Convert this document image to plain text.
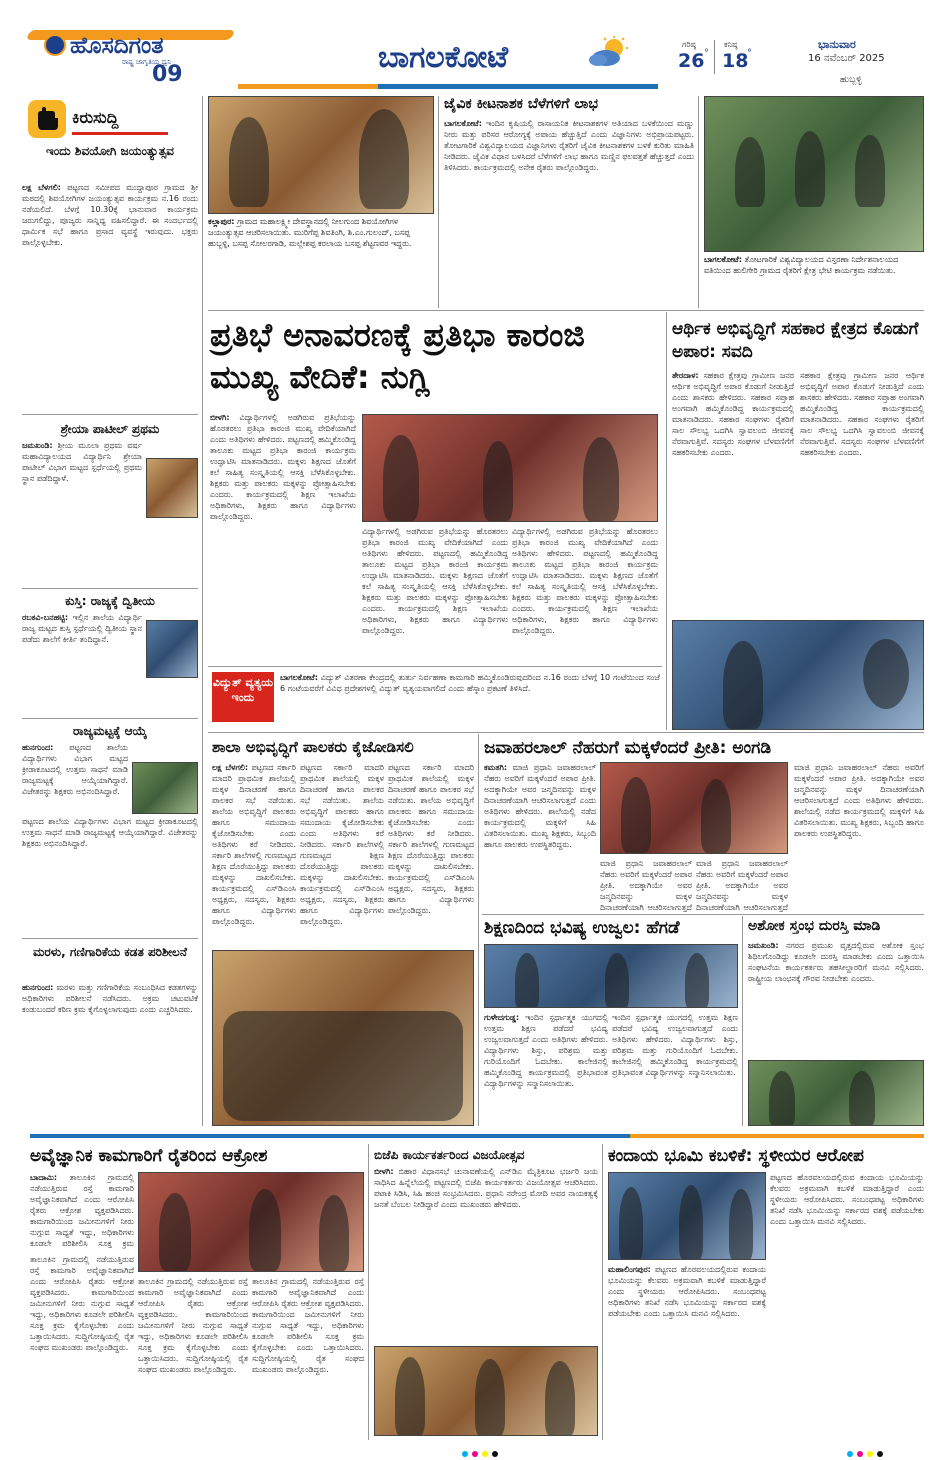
ಹೊಸದಿಗಂತ
ರಾಷ್ಟ್ರ ಜಾಗೃತಿಯ ಧ್ವನಿ
09	ಬಾಗಲಕೋಟೆ	ಗರಿಷ್ಠ
26 °
ಕನಿಷ್ಠ
18
°
ಭಾನುವಾರ
16 ನವೆಂಬರ್ 2025
ಹುಬ್ಬಳ್ಳಿ
ಕಿರುಸುದ್ದಿ
ಇಂದು ಶಿವಯೋಗಿ ಜಯಂತ್ಯುತ್ಸವ
ಲಕ್ಷ ಬೆಳಗಲಿ: ಪಟ್ಟಣದ ಸಮೀಪದ ಮುದ್ದಾಪೂರ ಗ್ರಾಮದ ಶ್ರೀ ಮಠದಲ್ಲಿ ಶಿವಯೋಗಿಗಳ ಜಯಂತ್ಯುತ್ಸವ ಕಾರ್ಯಕ್ರಮ ನ.16 ರಂದು ನಡೆಯಲಿದೆ. ಬೆಳಗ್ಗೆ 10.30ಕ್ಕೆ ಭಾನುವಾರ ಕಾರ್ಯಕ್ರಮ ಜರುಗಲಿದ್ದು, ಪೂಜ್ಯರು ಸಾನ್ನಿಧ್ಯ ವಹಿಸಲಿದ್ದಾರೆ. ಈ ಸಂದರ್ಭದಲ್ಲಿ ಧಾರ್ಮಿಕ ಸಭೆ ಹಾಗೂ ಪ್ರಸಾದ ವ್ಯವಸ್ಥೆ ಇರುವುದು. ಭಕ್ತರು ಪಾಲ್ಗೊಳ್ಳಬೇಕು.
ಶ್ರೇಯಾ ಪಾಟೀಲ್ ಪ್ರಥಮ
ಜಮಖಂಡಿ: ಶ್ರೀಯ ಮೂಲಾ ಪ್ರಥಮ ವರ್ಷ ಮಹಾವಿದ್ಯಾಲಯದ ವಿದ್ಯಾರ್ಥಿನಿ ಶ್ರೇಯಾ ಪಾಟೀಲ್ ವಿಭಾಗ ಮಟ್ಟದ ಸ್ಪರ್ಧೆಯಲ್ಲಿ ಪ್ರಥಮ ಸ್ಥಾನ ಪಡೆದಿದ್ದಾಳೆ.
ಕುಸ್ತಿ: ರಾಜ್ಯಕ್ಕೆ ದ್ವಿತೀಯ
ರಬಕವಿ-ಬನಹಟ್ಟಿ: ಇಲ್ಲಿನ ಶಾಲೆಯ ವಿದ್ಯಾರ್ಥಿ ರಾಜ್ಯ ಮಟ್ಟದ ಕುಸ್ತಿ ಸ್ಪರ್ಧೆಯಲ್ಲಿ ದ್ವಿತೀಯ ಸ್ಥಾನ ಪಡೆದು ಶಾಲೆಗೆ ಕೀರ್ತಿ ತಂದಿದ್ದಾನೆ.
ರಾಜ್ಯಮಟ್ಟಕ್ಕೆ ಆಯ್ಕೆ
ಹುನಗುಂದ: ಪಟ್ಟಣದ ಶಾಲೆಯ ವಿದ್ಯಾರ್ಥಿಗಳು ವಿಭಾಗ ಮಟ್ಟದ ಕ್ರೀಡಾಕೂಟದಲ್ಲಿ ಉತ್ತಮ ಸಾಧನೆ ಮಾಡಿ ರಾಜ್ಯಮಟ್ಟಕ್ಕೆ ಆಯ್ಕೆಯಾಗಿದ್ದಾರೆ. ವಿಜೇತರನ್ನು ಶಿಕ್ಷಕರು ಅಭಿನಂದಿಸಿದ್ದಾರೆ.
ಪಟ್ಟಣದ ಶಾಲೆಯ ವಿದ್ಯಾರ್ಥಿಗಳು ವಿಭಾಗ ಮಟ್ಟದ ಕ್ರೀಡಾಕೂಟದಲ್ಲಿ ಉತ್ತಮ ಸಾಧನೆ ಮಾಡಿ ರಾಜ್ಯಮಟ್ಟಕ್ಕೆ ಆಯ್ಕೆಯಾಗಿದ್ದಾರೆ. ವಿಜೇತರನ್ನು ಶಿಕ್ಷಕರು ಅಭಿನಂದಿಸಿದ್ದಾರೆ.
ಮರಳು, ಗಣಿಗಾರಿಕೆಯ ಕಡತ ಪರಿಶೀಲನೆ
ಹುನಗುಂದ: ಮರಳು ಮತ್ತು ಗಣಿಗಾರಿಕೆಯ ಸಂಬಂಧಿಸಿದ ಕಡತಗಳನ್ನು ಅಧಿಕಾರಿಗಳು ಪರಿಶೀಲನೆ ನಡೆಸಿದರು. ಅಕ್ರಮ ಚಟುವಟಿಕೆ ಕಂಡುಬಂದರೆ ಕಠಿಣ ಕ್ರಮ ಕೈಗೊಳ್ಳಲಾಗುವುದು ಎಂದು ಎಚ್ಚರಿಸಿದರು.
ಕಲ್ಲಾಪುರ: ಗ್ರಾಮದ ಮಹಾಲಕ್ಷ್ಮೀ ದೇವಸ್ಥಾನದಲ್ಲಿ ನೀಲಗುಂದ ಶಿವಯೋಗಿಗಳ ಜಯಂತ್ಯುತ್ಸವ ಆಚರಿಸಲಾಯಿತು. ಮುರಿಗೆಪ್ಪ ಶಿವತಿಂಗಿ, ಶಿ.ಎಂ.ಗುಲಂದ್, ಬಸಪ್ಪ ಹುಬ್ಬಳ್ಳಿ, ಬಸಪ್ಪ ಸೋಲರಗಾಡಿ, ಮಲ್ಲೇಶಪ್ಪ ಕರಲಾಯ ಬಸಪ್ಪ ಶೆಟ್ಟಣವರ ಇದ್ದರು.
ಜೈವಿಕ ಕೀಟನಾಶಕ ಬೆಳೆಗಳಿಗೆ ಲಾಭ
ಬಾಗಲಕೋಟೆ: ಇಂದಿನ ಕೃಷಿಯಲ್ಲಿ ರಾಸಾಯನಿಕ ಕೀಟನಾಶಕಗಳ ಅತಿಯಾದ ಬಳಕೆಯಿಂದ ಮಣ್ಣು ನೀರು ಮತ್ತು ಪರಿಸರ ಆರೋಗ್ಯಕ್ಕೆ ಅಪಾಯ ಹೆಚ್ಚುತ್ತಿದೆ ಎಂದು ವಿಜ್ಞಾನಿಗಳು ಅಭಿಪ್ರಾಯಪಟ್ಟರು. ತೋಟಗಾರಿಕೆ ವಿಶ್ವವಿದ್ಯಾಲಯದ ವಿಜ್ಞಾನಿಗಳು ರೈತರಿಗೆ ಜೈವಿಕ ಕೀಟನಾಶಕಗಳ ಬಳಕೆ ಕುರಿತು ಮಾಹಿತಿ ನೀಡಿದರು. ಜೈವಿಕ ವಿಧಾನ ಬಳಸಿದರೆ ಬೆಳೆಗಳಿಗೆ ಲಾಭ ಹಾಗೂ ಮಣ್ಣಿನ ಫಲವತ್ತತೆ ಹೆಚ್ಚುತ್ತದೆ ಎಂದು ತಿಳಿಸಿದರು. ಕಾರ್ಯಕ್ರಮದಲ್ಲಿ ಅನೇಕ ರೈತರು ಪಾಲ್ಗೊಂಡಿದ್ದರು.
ಬಾಗಲಕೋಟೆ: ತೋಟಗಾರಿಕೆ ವಿಶ್ವವಿದ್ಯಾಲಯದ ವಿಸ್ತರಣಾ ನಿರ್ದೇಶನಾಲಯದ ವತಿಯಿಂದ ಹುಲಿಗೇರಿ ಗ್ರಾಮದ ರೈತರಿಗೆ ಕ್ಷೇತ್ರ ಭೇಟಿ ಕಾರ್ಯಕ್ರಮ ನಡೆಯಿತು.
ಪ್ರತಿಭೆ ಅನಾವರಣಕ್ಕೆ ಪ್ರತಿಭಾ ಕಾರಂಜಿ ಮುಖ್ಯ ವೇದಿಕೆ: ನುಗ್ಲಿ
ಬೀಳಗಿ: ವಿದ್ಯಾರ್ಥಿಗಳಲ್ಲಿ ಅಡಗಿರುವ ಪ್ರತಿಭೆಯನ್ನು ಹೊರತರಲು ಪ್ರತಿಭಾ ಕಾರಂಜಿ ಮುಖ್ಯ ವೇದಿಕೆಯಾಗಿದೆ ಎಂದು ಅತಿಥಿಗಳು ಹೇಳಿದರು. ಪಟ್ಟಣದಲ್ಲಿ ಹಮ್ಮಿಕೊಂಡಿದ್ದ ತಾಲೂಕು ಮಟ್ಟದ ಪ್ರತಿಭಾ ಕಾರಂಜಿ ಕಾರ್ಯಕ್ರಮ ಉದ್ಘಾಟಿಸಿ ಮಾತನಾಡಿದರು. ಮಕ್ಕಳು ಶಿಕ್ಷಣದ ಜೊತೆಗೆ ಕಲೆ ಸಾಹಿತ್ಯ ಸಂಸ್ಕೃತಿಯಲ್ಲಿ ಆಸಕ್ತಿ ಬೆಳೆಸಿಕೊಳ್ಳಬೇಕು. ಶಿಕ್ಷಕರು ಮತ್ತು ಪಾಲಕರು ಮಕ್ಕಳನ್ನು ಪ್ರೋತ್ಸಾಹಿಸಬೇಕು ಎಂದರು. ಕಾರ್ಯಕ್ರಮದಲ್ಲಿ ಶಿಕ್ಷಣ ಇಲಾಖೆಯ ಅಧಿಕಾರಿಗಳು, ಶಿಕ್ಷಕರು ಹಾಗೂ ವಿದ್ಯಾರ್ಥಿಗಳು ಪಾಲ್ಗೊಂಡಿದ್ದರು.
ವಿದ್ಯಾರ್ಥಿಗಳಲ್ಲಿ ಅಡಗಿರುವ ಪ್ರತಿಭೆಯನ್ನು ಹೊರತರಲು ಪ್ರತಿಭಾ ಕಾರಂಜಿ ಮುಖ್ಯ ವೇದಿಕೆಯಾಗಿದೆ ಎಂದು ಅತಿಥಿಗಳು ಹೇಳಿದರು. ಪಟ್ಟಣದಲ್ಲಿ ಹಮ್ಮಿಕೊಂಡಿದ್ದ ತಾಲೂಕು ಮಟ್ಟದ ಪ್ರತಿಭಾ ಕಾರಂಜಿ ಕಾರ್ಯಕ್ರಮ ಉದ್ಘಾಟಿಸಿ ಮಾತನಾಡಿದರು. ಮಕ್ಕಳು ಶಿಕ್ಷಣದ ಜೊತೆಗೆ ಕಲೆ ಸಾಹಿತ್ಯ ಸಂಸ್ಕೃತಿಯಲ್ಲಿ ಆಸಕ್ತಿ ಬೆಳೆಸಿಕೊಳ್ಳಬೇಕು. ಶಿಕ್ಷಕರು ಮತ್ತು ಪಾಲಕರು ಮಕ್ಕಳನ್ನು ಪ್ರೋತ್ಸಾಹಿಸಬೇಕು ಎಂದರು. ಕಾರ್ಯಕ್ರಮದಲ್ಲಿ ಶಿಕ್ಷಣ ಇಲಾಖೆಯ ಅಧಿಕಾರಿಗಳು, ಶಿಕ್ಷಕರು ಹಾಗೂ ವಿದ್ಯಾರ್ಥಿಗಳು ಪಾಲ್ಗೊಂಡಿದ್ದರು.
ವಿದ್ಯಾರ್ಥಿಗಳಲ್ಲಿ ಅಡಗಿರುವ ಪ್ರತಿಭೆಯನ್ನು ಹೊರತರಲು ಪ್ರತಿಭಾ ಕಾರಂಜಿ ಮುಖ್ಯ ವೇದಿಕೆಯಾಗಿದೆ ಎಂದು ಅತಿಥಿಗಳು ಹೇಳಿದರು. ಪಟ್ಟಣದಲ್ಲಿ ಹಮ್ಮಿಕೊಂಡಿದ್ದ ತಾಲೂಕು ಮಟ್ಟದ ಪ್ರತಿಭಾ ಕಾರಂಜಿ ಕಾರ್ಯಕ್ರಮ ಉದ್ಘಾಟಿಸಿ ಮಾತನಾಡಿದರು. ಮಕ್ಕಳು ಶಿಕ್ಷಣದ ಜೊತೆಗೆ ಕಲೆ ಸಾಹಿತ್ಯ ಸಂಸ್ಕೃತಿಯಲ್ಲಿ ಆಸಕ್ತಿ ಬೆಳೆಸಿಕೊಳ್ಳಬೇಕು. ಶಿಕ್ಷಕರು ಮತ್ತು ಪಾಲಕರು ಮಕ್ಕಳನ್ನು ಪ್ರೋತ್ಸಾಹಿಸಬೇಕು ಎಂದರು. ಕಾರ್ಯಕ್ರಮದಲ್ಲಿ ಶಿಕ್ಷಣ ಇಲಾಖೆಯ ಅಧಿಕಾರಿಗಳು, ಶಿಕ್ಷಕರು ಹಾಗೂ ವಿದ್ಯಾರ್ಥಿಗಳು ಪಾಲ್ಗೊಂಡಿದ್ದರು.
ವಿದ್ಯುತ್ ವ್ಯತ್ಯಯ ಇಂದು
ಬಾಗಲಕೋಟೆ: ವಿದ್ಯುತ್ ವಿತರಣಾ ಕೇಂದ್ರದಲ್ಲಿ ತುರ್ತು ನಿರ್ವಹಣಾ ಕಾಮಗಾರಿ ಹಮ್ಮಿಕೊಂಡಿರುವುದರಿಂದ ನ.16 ರಂದು ಬೆಳಗ್ಗೆ 10 ಗಂಟೆಯಿಂದ ಸಂಜೆ 6 ಗಂಟೆಯವರೆಗೆ ವಿವಿಧ ಪ್ರದೇಶಗಳಲ್ಲಿ ವಿದ್ಯುತ್ ವ್ಯತ್ಯಯವಾಗಲಿದೆ ಎಂದು ಹೆಸ್ಕಾಂ ಪ್ರಕಟಣೆ ತಿಳಿಸಿದೆ.
ಆರ್ಥಿಕ ಅಭಿವೃದ್ಧಿಗೆ ಸಹಕಾರ ಕ್ಷೇತ್ರದ ಕೊಡುಗೆ ಅಪಾರ: ಸವದಿ
ತೇರದಾಳ: ಸಹಕಾರ ಕ್ಷೇತ್ರವು ಗ್ರಾಮೀಣ ಜನರ ಆರ್ಥಿಕ ಅಭಿವೃದ್ಧಿಗೆ ಅಪಾರ ಕೊಡುಗೆ ನೀಡುತ್ತಿದೆ ಎಂದು ಶಾಸಕರು ಹೇಳಿದರು. ಸಹಕಾರ ಸಪ್ತಾಹ ಅಂಗವಾಗಿ ಹಮ್ಮಿಕೊಂಡಿದ್ದ ಕಾರ್ಯಕ್ರಮದಲ್ಲಿ ಮಾತನಾಡಿದರು. ಸಹಕಾರ ಸಂಘಗಳು ರೈತರಿಗೆ ಸಾಲ ಸೌಲಭ್ಯ ಒದಗಿಸಿ ಸ್ವಾವಲಂಬಿ ಜೀವನಕ್ಕೆ ನೆರವಾಗುತ್ತಿವೆ. ಸದಸ್ಯರು ಸಂಘಗಳ ಬೆಳವಣಿಗೆಗೆ ಸಹಕರಿಸಬೇಕು ಎಂದರು.
ಸಹಕಾರ ಕ್ಷೇತ್ರವು ಗ್ರಾಮೀಣ ಜನರ ಆರ್ಥಿಕ ಅಭಿವೃದ್ಧಿಗೆ ಅಪಾರ ಕೊಡುಗೆ ನೀಡುತ್ತಿದೆ ಎಂದು ಶಾಸಕರು ಹೇಳಿದರು. ಸಹಕಾರ ಸಪ್ತಾಹ ಅಂಗವಾಗಿ ಹಮ್ಮಿಕೊಂಡಿದ್ದ ಕಾರ್ಯಕ್ರಮದಲ್ಲಿ ಮಾತನಾಡಿದರು. ಸಹಕಾರ ಸಂಘಗಳು ರೈತರಿಗೆ ಸಾಲ ಸೌಲಭ್ಯ ಒದಗಿಸಿ ಸ್ವಾವಲಂಬಿ ಜೀವನಕ್ಕೆ ನೆರವಾಗುತ್ತಿವೆ. ಸದಸ್ಯರು ಸಂಘಗಳ ಬೆಳವಣಿಗೆಗೆ ಸಹಕರಿಸಬೇಕು ಎಂದರು.
ಶಾಲಾ ಅಭಿವೃದ್ಧಿಗೆ ಪಾಲಕರು ಕೈಜೋಡಿಸಲಿ
ಲಕ್ಷ ಬೆಳಗಲಿ: ಪಟ್ಟಣದ ಸರ್ಕಾರಿ ಮಾದರಿ ಪ್ರಾಥಮಿಕ ಶಾಲೆಯಲ್ಲಿ ಮಕ್ಕಳ ದಿನಾಚರಣೆ ಹಾಗೂ ಪಾಲಕರ ಸಭೆ ನಡೆಯಿತು. ಶಾಲೆಯ ಅಭಿವೃದ್ಧಿಗೆ ಪಾಲಕರು ಹಾಗೂ ಸಮುದಾಯ ಕೈಜೋಡಿಸಬೇಕು ಎಂದು ಅತಿಥಿಗಳು ಕರೆ ನೀಡಿದರು. ಸರ್ಕಾರಿ ಶಾಲೆಗಳಲ್ಲಿ ಗುಣಮಟ್ಟದ ಶಿಕ್ಷಣ ದೊರೆಯುತ್ತಿದ್ದು ಪಾಲಕರು ಮಕ್ಕಳನ್ನು ದಾಖಲಿಸಬೇಕು. ಕಾರ್ಯಕ್ರಮದಲ್ಲಿ ಎಸ್‌ಡಿಎಂಸಿ ಅಧ್ಯಕ್ಷರು, ಸದಸ್ಯರು, ಶಿಕ್ಷಕರು ಹಾಗೂ ವಿದ್ಯಾರ್ಥಿಗಳು ಪಾಲ್ಗೊಂಡಿದ್ದರು.
ಪಟ್ಟಣದ ಸರ್ಕಾರಿ ಮಾದರಿ ಪ್ರಾಥಮಿಕ ಶಾಲೆಯಲ್ಲಿ ಮಕ್ಕಳ ದಿನಾಚರಣೆ ಹಾಗೂ ಪಾಲಕರ ಸಭೆ ನಡೆಯಿತು. ಶಾಲೆಯ ಅಭಿವೃದ್ಧಿಗೆ ಪಾಲಕರು ಹಾಗೂ ಸಮುದಾಯ ಕೈಜೋಡಿಸಬೇಕು ಎಂದು ಅತಿಥಿಗಳು ಕರೆ ನೀಡಿದರು. ಸರ್ಕಾರಿ ಶಾಲೆಗಳಲ್ಲಿ ಗುಣಮಟ್ಟದ ಶಿಕ್ಷಣ ದೊರೆಯುತ್ತಿದ್ದು ಪಾಲಕರು ಮಕ್ಕಳನ್ನು ದಾಖಲಿಸಬೇಕು. ಕಾರ್ಯಕ್ರಮದಲ್ಲಿ ಎಸ್‌ಡಿಎಂಸಿ ಅಧ್ಯಕ್ಷರು, ಸದಸ್ಯರು, ಶಿಕ್ಷಕರು ಹಾಗೂ ವಿದ್ಯಾರ್ಥಿಗಳು ಪಾಲ್ಗೊಂಡಿದ್ದರು.
ಪಟ್ಟಣದ ಸರ್ಕಾರಿ ಮಾದರಿ ಪ್ರಾಥಮಿಕ ಶಾಲೆಯಲ್ಲಿ ಮಕ್ಕಳ ದಿನಾಚರಣೆ ಹಾಗೂ ಪಾಲಕರ ಸಭೆ ನಡೆಯಿತು. ಶಾಲೆಯ ಅಭಿವೃದ್ಧಿಗೆ ಪಾಲಕರು ಹಾಗೂ ಸಮುದಾಯ ಕೈಜೋಡಿಸಬೇಕು ಎಂದು ಅತಿಥಿಗಳು ಕರೆ ನೀಡಿದರು. ಸರ್ಕಾರಿ ಶಾಲೆಗಳಲ್ಲಿ ಗುಣಮಟ್ಟದ ಶಿಕ್ಷಣ ದೊರೆಯುತ್ತಿದ್ದು ಪಾಲಕರು ಮಕ್ಕಳನ್ನು ದಾಖಲಿಸಬೇಕು. ಕಾರ್ಯಕ್ರಮದಲ್ಲಿ ಎಸ್‌ಡಿಎಂಸಿ ಅಧ್ಯಕ್ಷರು, ಸದಸ್ಯರು, ಶಿಕ್ಷಕರು ಹಾಗೂ ವಿದ್ಯಾರ್ಥಿಗಳು ಪಾಲ್ಗೊಂಡಿದ್ದರು.
ಜವಾಹರಲಾಲ್ ನೆಹರುಗೆ ಮಕ್ಕಳೆಂದರೆ ಪ್ರೀತಿ: ಅಂಗಡಿ
ಕಮತಗಿ: ಮಾಜಿ ಪ್ರಧಾನಿ ಜವಾಹರಲಾಲ್ ನೆಹರು ಅವರಿಗೆ ಮಕ್ಕಳೆಂದರೆ ಅಪಾರ ಪ್ರೀತಿ. ಅದಕ್ಕಾಗಿಯೇ ಅವರ ಜನ್ಮದಿನವನ್ನು ಮಕ್ಕಳ ದಿನಾಚರಣೆಯಾಗಿ ಆಚರಿಸಲಾಗುತ್ತದೆ ಎಂದು ಅತಿಥಿಗಳು ಹೇಳಿದರು. ಶಾಲೆಯಲ್ಲಿ ನಡೆದ ಕಾರ್ಯಕ್ರಮದಲ್ಲಿ ಮಕ್ಕಳಿಗೆ ಸಿಹಿ ವಿತರಿಸಲಾಯಿತು. ಮುಖ್ಯ ಶಿಕ್ಷಕರು, ಸಿಬ್ಬಂದಿ ಹಾಗೂ ಪಾಲಕರು ಉಪಸ್ಥಿತರಿದ್ದರು.
ಮಾಜಿ ಪ್ರಧಾನಿ ಜವಾಹರಲಾಲ್ ನೆಹರು ಅವರಿಗೆ ಮಕ್ಕಳೆಂದರೆ ಅಪಾರ ಪ್ರೀತಿ. ಅದಕ್ಕಾಗಿಯೇ ಅವರ ಜನ್ಮದಿನವನ್ನು ಮಕ್ಕಳ ದಿನಾಚರಣೆಯಾಗಿ ಆಚರಿಸಲಾಗುತ್ತದೆ
ಮಾಜಿ ಪ್ರಧಾನಿ ಜವಾಹರಲಾಲ್ ನೆಹರು ಅವರಿಗೆ ಮಕ್ಕಳೆಂದರೆ ಅಪಾರ ಪ್ರೀತಿ. ಅದಕ್ಕಾಗಿಯೇ ಅವರ ಜನ್ಮದಿನವನ್ನು ಮಕ್ಕಳ ದಿನಾಚರಣೆಯಾಗಿ ಆಚರಿಸಲಾಗುತ್ತದೆ
ಮಾಜಿ ಪ್ರಧಾನಿ ಜವಾಹರಲಾಲ್ ನೆಹರು ಅವರಿಗೆ ಮಕ್ಕಳೆಂದರೆ ಅಪಾರ ಪ್ರೀತಿ. ಅದಕ್ಕಾಗಿಯೇ ಅವರ ಜನ್ಮದಿನವನ್ನು ಮಕ್ಕಳ ದಿನಾಚರಣೆಯಾಗಿ ಆಚರಿಸಲಾಗುತ್ತದೆ ಎಂದು ಅತಿಥಿಗಳು ಹೇಳಿದರು. ಶಾಲೆಯಲ್ಲಿ ನಡೆದ ಕಾರ್ಯಕ್ರಮದಲ್ಲಿ ಮಕ್ಕಳಿಗೆ ಸಿಹಿ ವಿತರಿಸಲಾಯಿತು. ಮುಖ್ಯ ಶಿಕ್ಷಕರು, ಸಿಬ್ಬಂದಿ ಹಾಗೂ ಪಾಲಕರು ಉಪಸ್ಥಿತರಿದ್ದರು.
ಶಿಕ್ಷಣದಿಂದ ಭವಿಷ್ಯ ಉಜ್ವಲ: ಹೆಗಡೆ
ಗುಳೇದಗುಡ್ಡ: ಇಂದಿನ ಸ್ಪರ್ಧಾತ್ಮಕ ಯುಗದಲ್ಲಿ ಉತ್ತಮ ಶಿಕ್ಷಣ ಪಡೆದರೆ ಭವಿಷ್ಯ ಉಜ್ವಲವಾಗುತ್ತದೆ ಎಂದು ಅತಿಥಿಗಳು ಹೇಳಿದರು. ವಿದ್ಯಾರ್ಥಿಗಳು ಶಿಸ್ತು, ಪರಿಶ್ರಮ ಮತ್ತು ಗುರಿಯೊಂದಿಗೆ ಓದಬೇಕು. ಕಾಲೇಜಿನಲ್ಲಿ ಹಮ್ಮಿಕೊಂಡಿದ್ದ ಕಾರ್ಯಕ್ರಮದಲ್ಲಿ ಪ್ರತಿಭಾವಂತ ವಿದ್ಯಾರ್ಥಿಗಳನ್ನು ಸನ್ಮಾನಿಸಲಾಯಿತು.
ಇಂದಿನ ಸ್ಪರ್ಧಾತ್ಮಕ ಯುಗದಲ್ಲಿ ಉತ್ತಮ ಶಿಕ್ಷಣ ಪಡೆದರೆ ಭವಿಷ್ಯ ಉಜ್ವಲವಾಗುತ್ತದೆ ಎಂದು ಅತಿಥಿಗಳು ಹೇಳಿದರು. ವಿದ್ಯಾರ್ಥಿಗಳು ಶಿಸ್ತು, ಪರಿಶ್ರಮ ಮತ್ತು ಗುರಿಯೊಂದಿಗೆ ಓದಬೇಕು. ಕಾಲೇಜಿನಲ್ಲಿ ಹಮ್ಮಿಕೊಂಡಿದ್ದ ಕಾರ್ಯಕ್ರಮದಲ್ಲಿ ಪ್ರತಿಭಾವಂತ ವಿದ್ಯಾರ್ಥಿಗಳನ್ನು ಸನ್ಮಾನಿಸಲಾಯಿತು.
ಅಶೋಕ ಸ್ತಂಭ ದುರಸ್ತಿ ಮಾಡಿ
ಜಮಖಂಡಿ: ನಗರದ ಪ್ರಮುಖ ವೃತ್ತದಲ್ಲಿರುವ ಅಶೋಕ ಸ್ತಂಭ ಶಿಥಿಲಗೊಂಡಿದ್ದು ಕೂಡಲೇ ದುರಸ್ತಿ ಮಾಡಬೇಕು ಎಂದು ಒತ್ತಾಯಿಸಿ ಸಂಘಟನೆಯ ಕಾರ್ಯಕರ್ತರು ತಹಸೀಲ್ದಾರರಿಗೆ ಮನವಿ ಸಲ್ಲಿಸಿದರು. ರಾಷ್ಟ್ರೀಯ ಲಾಂಛನಕ್ಕೆ ಗೌರವ ನೀಡಬೇಕು ಎಂದರು.
ಅವೈಜ್ಞಾನಿಕ ಕಾಮಗಾರಿಗೆ ರೈತರಿಂದ ಆಕ್ರೋಶ
ಬಾದಾಮಿ: ತಾಲೂಕಿನ ಗ್ರಾಮದಲ್ಲಿ ನಡೆಯುತ್ತಿರುವ ರಸ್ತೆ ಕಾಮಗಾರಿ ಅವೈಜ್ಞಾನಿಕವಾಗಿದೆ ಎಂದು ಆರೋಪಿಸಿ ರೈತರು ಆಕ್ರೋಶ ವ್ಯಕ್ತಪಡಿಸಿದರು. ಕಾಮಗಾರಿಯಿಂದ ಜಮೀನುಗಳಿಗೆ ನೀರು ನುಗ್ಗುವ ಸಾಧ್ಯತೆ ಇದ್ದು, ಅಧಿಕಾರಿಗಳು ಕೂಡಲೇ ಪರಿಶೀಲಿಸಿ ಸೂಕ್ತ ಕ್ರಮ
ತಾಲೂಕಿನ ಗ್ರಾಮದಲ್ಲಿ ನಡೆಯುತ್ತಿರುವ ರಸ್ತೆ ಕಾಮಗಾರಿ ಅವೈಜ್ಞಾನಿಕವಾಗಿದೆ ಎಂದು ಆರೋಪಿಸಿ ರೈತರು ಆಕ್ರೋಶ ವ್ಯಕ್ತಪಡಿಸಿದರು. ಕಾಮಗಾರಿಯಿಂದ ಜಮೀನುಗಳಿಗೆ ನೀರು ನುಗ್ಗುವ ಸಾಧ್ಯತೆ ಇದ್ದು, ಅಧಿಕಾರಿಗಳು ಕೂಡಲೇ ಪರಿಶೀಲಿಸಿ ಸೂಕ್ತ ಕ್ರಮ ಕೈಗೊಳ್ಳಬೇಕು ಎಂದು ಒತ್ತಾಯಿಸಿದರು. ಸುದ್ದಿಗೋಷ್ಠಿಯಲ್ಲಿ ರೈತ ಸಂಘದ ಮುಖಂಡರು ಪಾಲ್ಗೊಂಡಿದ್ದರು.
ತಾಲೂಕಿನ ಗ್ರಾಮದಲ್ಲಿ ನಡೆಯುತ್ತಿರುವ ರಸ್ತೆ ಕಾಮಗಾರಿ ಅವೈಜ್ಞಾನಿಕವಾಗಿದೆ ಎಂದು ಆರೋಪಿಸಿ ರೈತರು ಆಕ್ರೋಶ ವ್ಯಕ್ತಪಡಿಸಿದರು. ಕಾಮಗಾರಿಯಿಂದ ಜಮೀನುಗಳಿಗೆ ನೀರು ನುಗ್ಗುವ ಸಾಧ್ಯತೆ ಇದ್ದು, ಅಧಿಕಾರಿಗಳು ಕೂಡಲೇ ಪರಿಶೀಲಿಸಿ ಸೂಕ್ತ ಕ್ರಮ ಕೈಗೊಳ್ಳಬೇಕು ಎಂದು ಒತ್ತಾಯಿಸಿದರು. ಸುದ್ದಿಗೋಷ್ಠಿಯಲ್ಲಿ ರೈತ ಸಂಘದ ಮುಖಂಡರು ಪಾಲ್ಗೊಂಡಿದ್ದರು.
ತಾಲೂಕಿನ ಗ್ರಾಮದಲ್ಲಿ ನಡೆಯುತ್ತಿರುವ ರಸ್ತೆ ಕಾಮಗಾರಿ ಅವೈಜ್ಞಾನಿಕವಾಗಿದೆ ಎಂದು ಆರೋಪಿಸಿ ರೈತರು ಆಕ್ರೋಶ ವ್ಯಕ್ತಪಡಿಸಿದರು. ಕಾಮಗಾರಿಯಿಂದ ಜಮೀನುಗಳಿಗೆ ನೀರು ನುಗ್ಗುವ ಸಾಧ್ಯತೆ ಇದ್ದು, ಅಧಿಕಾರಿಗಳು ಕೂಡಲೇ ಪರಿಶೀಲಿಸಿ ಸೂಕ್ತ ಕ್ರಮ ಕೈಗೊಳ್ಳಬೇಕು ಎಂದು ಒತ್ತಾಯಿಸಿದರು. ಸುದ್ದಿಗೋಷ್ಠಿಯಲ್ಲಿ ರೈತ ಸಂಘದ ಮುಖಂಡರು ಪಾಲ್ಗೊಂಡಿದ್ದರು.
ಬಿಜೆಪಿ ಕಾರ್ಯಕರ್ತರಿಂದ ವಿಜಯೋತ್ಸವ
ಬೀಳಗಿ: ಬಿಹಾರ ವಿಧಾನಸಭೆ ಚುನಾವಣೆಯಲ್ಲಿ ಎನ್‌ಡಿಎ ಮೈತ್ರಿಕೂಟ ಭರ್ಜರಿ ಜಯ ಸಾಧಿಸಿದ ಹಿನ್ನೆಲೆಯಲ್ಲಿ ಪಟ್ಟಣದಲ್ಲಿ ಬಿಜೆಪಿ ಕಾರ್ಯಕರ್ತರು ವಿಜಯೋತ್ಸವ ಆಚರಿಸಿದರು. ಪಟಾಕಿ ಸಿಡಿಸಿ, ಸಿಹಿ ಹಂಚಿ ಸಂಭ್ರಮಿಸಿದರು. ಪ್ರಧಾನಿ ನರೇಂದ್ರ ಮೋದಿ ಅವರ ನಾಯಕತ್ವಕ್ಕೆ ಜನತೆ ಬೆಂಬಲ ನೀಡಿದ್ದಾರೆ ಎಂದು ಮುಖಂಡರು ಹೇಳಿದರು.
ಕಂದಾಯ ಭೂಮಿ ಕಬಳಿಕೆ: ಸ್ಥಳೀಯರ ಆರೋಪ
ಮಹಾಲಿಂಗಪುರ: ಪಟ್ಟಣದ ಹೊರವಲಯದಲ್ಲಿರುವ ಕಂದಾಯ ಭೂಮಿಯನ್ನು ಕೆಲವರು ಅಕ್ರಮವಾಗಿ ಕಬಳಿಕೆ ಮಾಡುತ್ತಿದ್ದಾರೆ ಎಂದು ಸ್ಥಳೀಯರು ಆರೋಪಿಸಿದರು. ಸಂಬಂಧಪಟ್ಟ ಅಧಿಕಾರಿಗಳು ತನಿಖೆ ನಡೆಸಿ ಭೂಮಿಯನ್ನು ಸರ್ಕಾರದ ವಶಕ್ಕೆ ಪಡೆಯಬೇಕು ಎಂದು ಒತ್ತಾಯಿಸಿ ಮನವಿ ಸಲ್ಲಿಸಿದರು.
ಪಟ್ಟಣದ ಹೊರವಲಯದಲ್ಲಿರುವ ಕಂದಾಯ ಭೂಮಿಯನ್ನು ಕೆಲವರು ಅಕ್ರಮವಾಗಿ ಕಬಳಿಕೆ ಮಾಡುತ್ತಿದ್ದಾರೆ ಎಂದು ಸ್ಥಳೀಯರು ಆರೋಪಿಸಿದರು. ಸಂಬಂಧಪಟ್ಟ ಅಧಿಕಾರಿಗಳು ತನಿಖೆ ನಡೆಸಿ ಭೂಮಿಯನ್ನು ಸರ್ಕಾರದ ವಶಕ್ಕೆ ಪಡೆಯಬೇಕು ಎಂದು ಒತ್ತಾಯಿಸಿ ಮನವಿ ಸಲ್ಲಿಸಿದರು.
